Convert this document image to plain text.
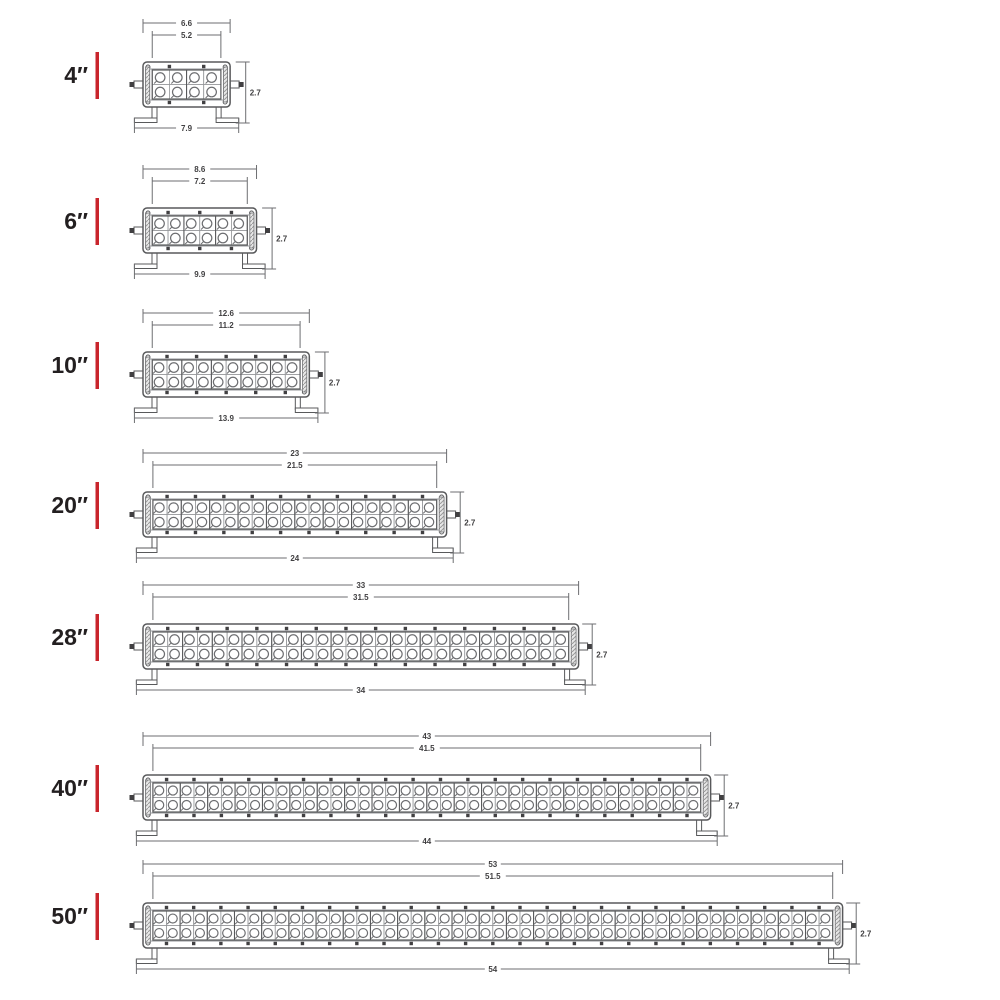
4″
6.6
5.2
7.9
2.7
6″
8.6
7.2
9.9
2.7
10″
12.6
11.2
13.9
2.7
20″
23
21.5
24
2.7
28″
33
31.5
34
2.7
40″
43
41.5
44
2.7
50″
53
51.5
54
2.7
